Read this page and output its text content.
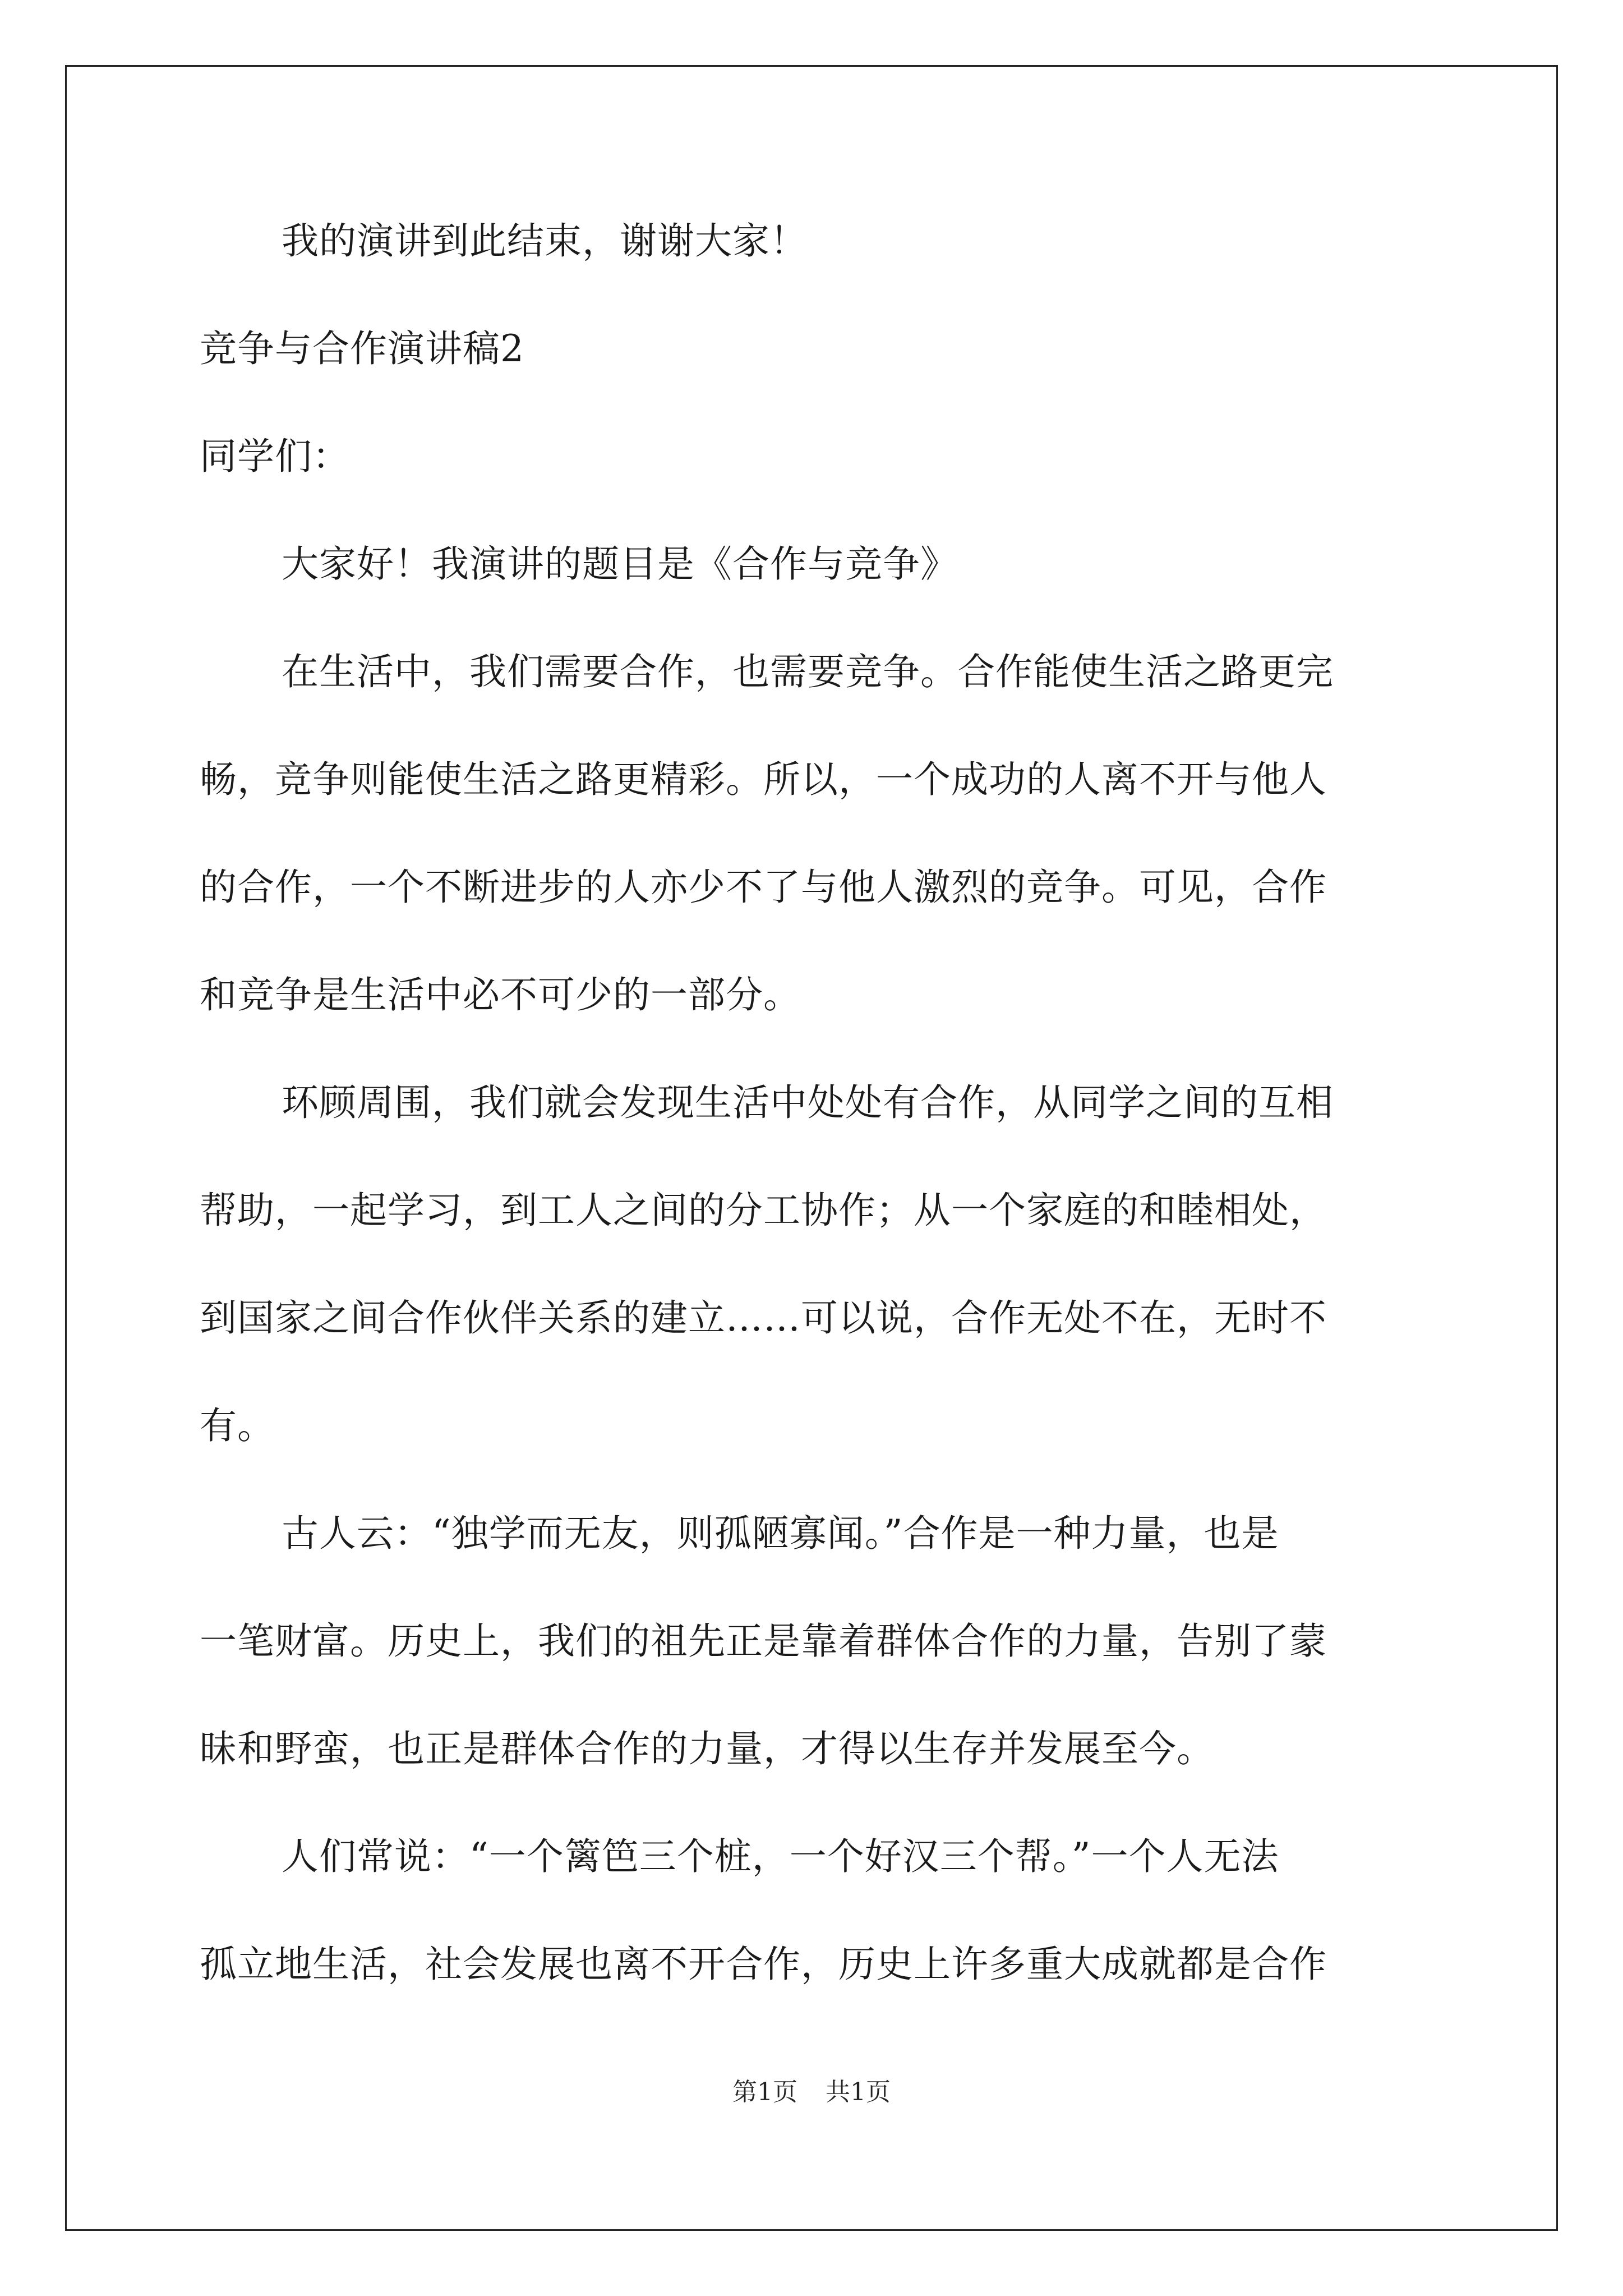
我的演讲到此结束，谢谢大家！

竞争与合作演讲稿2

同学们：

大家好！我演讲的题目是《合作与竞争》

在生活中，我们需要合作，也需要竞争。合作能使生活之路更完

畅，竞争则能使生活之路更精彩。所以，一个成功的人离不开与他人

的合作，一个不断进步的人亦少不了与他人激烈的竞争。可见，合作

和竞争是生活中必不可少的一部分。

环顾周围，我们就会发现生活中处处有合作，从同学之间的互相

帮助，一起学习，到工人之间的分工协作；从一个家庭的和睦相处，

到国家之间合作伙伴关系的建立……可以说，合作无处不在，无时不

有。

古人云：“独学而无友，则孤陋寡闻。”合作是一种力量，也是

一笔财富。历史上，我们的祖先正是靠着群体合作的力量，告别了蒙

昧和野蛮，也正是群体合作的力量，才得以生存并发展至今。

人们常说：“一个篱笆三个桩，一个好汉三个帮。”一个人无法

孤立地生活，社会发展也离不开合作，历史上许多重大成就都是合作

第1页 共1页
